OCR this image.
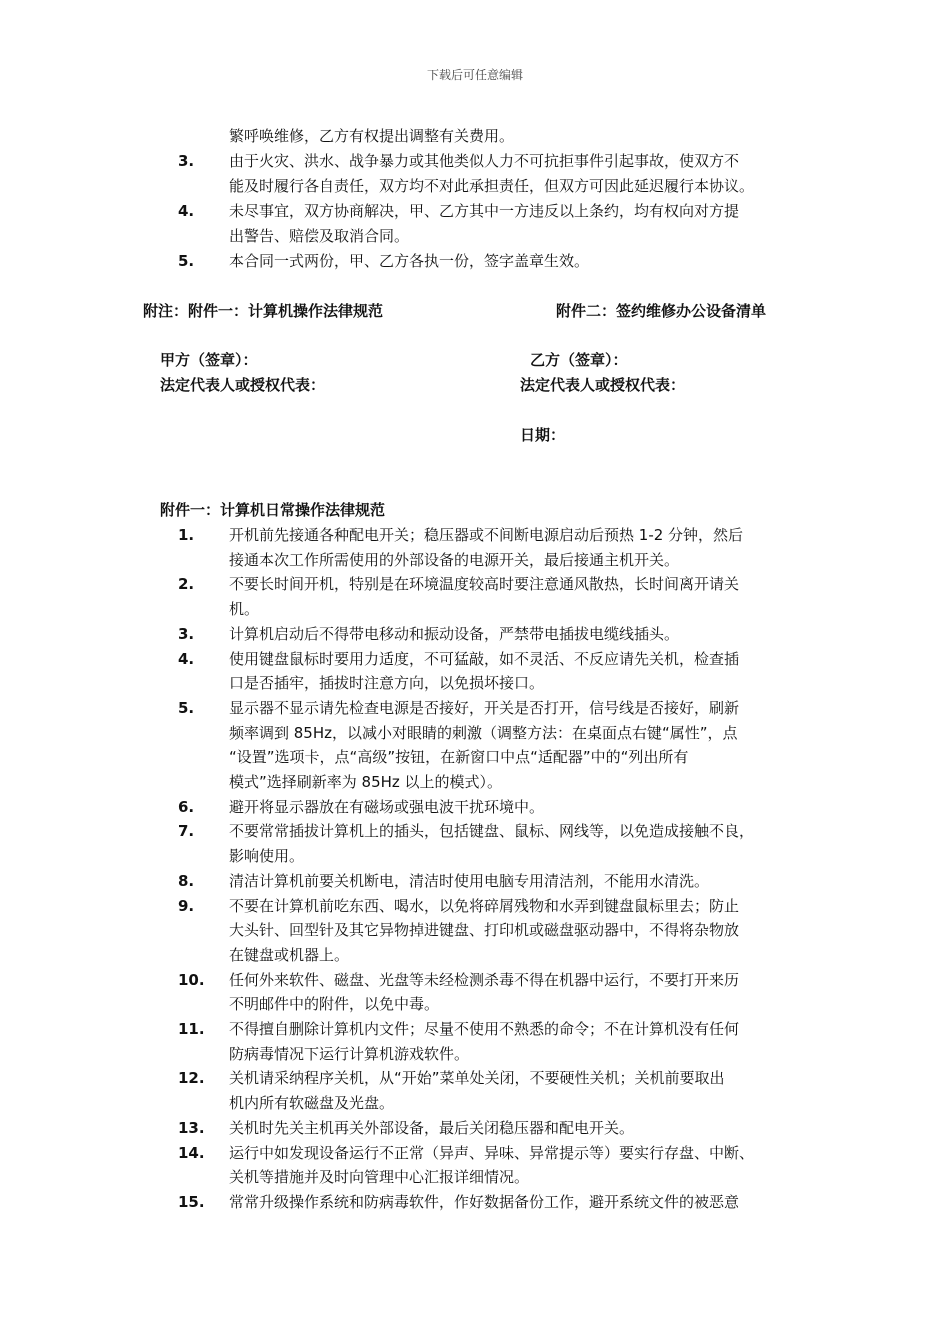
下载后可任意编辑
繁呼唤维修，乙方有权提出调整有关费用。
3.	由于火灾、洪水、战争暴力或其他类似人力不可抗拒事件引起事故，使双方不
能及时履行各自责任，双方均不对此承担责任，但双方可因此延迟履行本协议。
4.	未尽事宜，双方协商解决，甲、乙方其中一方违反以上条约，均有权向对方提
出警告、赔偿及取消合同。
5.	本合同一式两份，甲、乙方各执一份，签字盖章生效。
附注：附件一：计算机操作法律规范	附件二：签约维修办公设备清单
甲方（签章）：	乙方（签章）：
法定代表人或授权代表：	法定代表人或授权代表：
日期：
附件一：计算机日常操作法律规范
1.	开机前先接通各种配电开关；稳压器或不间断电源启动后预热 1-2 分钟，然后
接通本次工作所需使用的外部设备的电源开关，最后接通主机开关。
2.	不要长时间开机，特别是在环境温度较高时要注意通风散热，长时间离开请关
机。
3.	计算机启动后不得带电移动和振动设备，严禁带电插拔电缆线插头。
4.	使用键盘鼠标时要用力适度，不可猛敲，如不灵活、不反应请先关机，检查插
口是否插牢，插拔时注意方向，以免损坏接口。
5.	显示器不显示请先检查电源是否接好，开关是否打开，信号线是否接好，刷新
频率调到 85Hz，以减小对眼睛的刺激（调整方法：在桌面点右键“属性”，点
“设置”选项卡，点“高级”按钮，在新窗口中点“适配器”中的“列出所有
模式”选择刷新率为 85Hz 以上的模式）。
6.	避开将显示器放在有磁场或强电波干扰环境中。
7.	不要常常插拔计算机上的插头，包括键盘、鼠标、网线等，以免造成接触不良，
影响使用。
8.	清洁计算机前要关机断电，清洁时使用电脑专用清洁剂，不能用水清洗。
9.	不要在计算机前吃东西、喝水，以免将碎屑残物和水弄到键盘鼠标里去；防止
大头针、回型针及其它异物掉进键盘、打印机或磁盘驱动器中，不得将杂物放
在键盘或机器上。
10.	任何外来软件、磁盘、光盘等未经检测杀毒不得在机器中运行，不要打开来历
不明邮件中的附件，以免中毒。
11.	不得擅自删除计算机内文件；尽量不使用不熟悉的命令；不在计算机没有任何
防病毒情况下运行计算机游戏软件。
12.	关机请采纳程序关机，从“开始”菜单处关闭，不要硬性关机；关机前要取出
机内所有软磁盘及光盘。
13.	关机时先关主机再关外部设备，最后关闭稳压器和配电开关。
14.	运行中如发现设备运行不正常（异声、异味、异常提示等）要实行存盘、中断、
关机等措施并及时向管理中心汇报详细情况。
15.	常常升级操作系统和防病毒软件，作好数据备份工作，避开系统文件的被恶意
